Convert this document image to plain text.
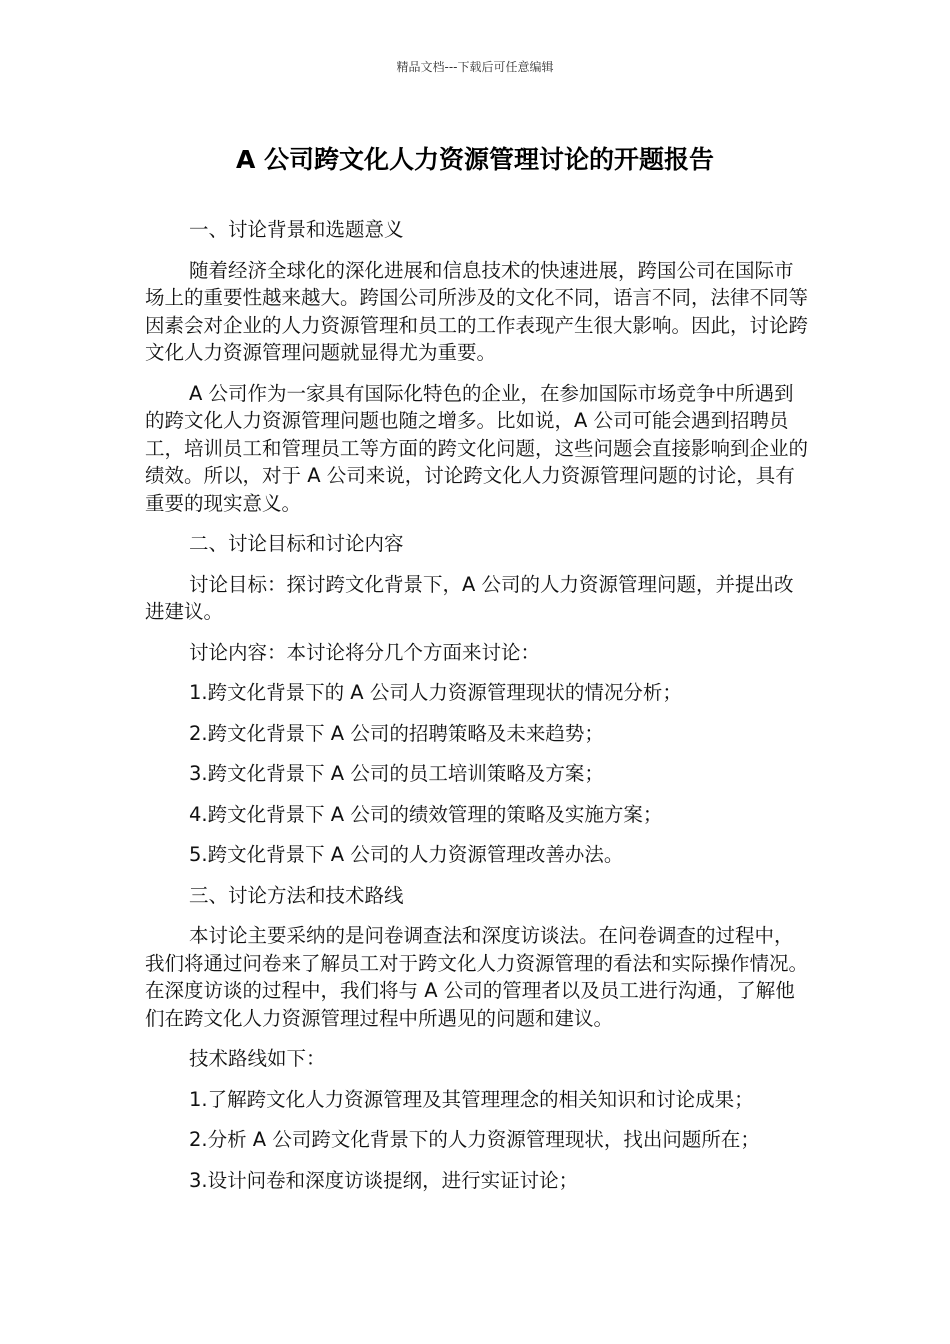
精品文档---下载后可任意编辑
A 公司跨文化人力资源管理讨论的开题报告

一、讨论背景和选题意义

随着经济全球化的深化进展和信息技术的快速进展，跨国公司在国际市场上的重要性越来越大。跨国公司所涉及的文化不同，语言不同，法律不同等因素会对企业的人力资源管理和员工的工作表现产生很大影响。因此，讨论跨文化人力资源管理问题就显得尤为重要。

A 公司作为一家具有国际化特色的企业，在参加国际市场竞争中所遇到的跨文化人力资源管理问题也随之增多。比如说，A 公司可能会遇到招聘员工，培训员工和管理员工等方面的跨文化问题，这些问题会直接影响到企业的绩效。所以，对于 A 公司来说，讨论跨文化人力资源管理问题的讨论，具有重要的现实意义。

二、讨论目标和讨论内容

讨论目标：探讨跨文化背景下，A 公司的人力资源管理问题，并提出改进建议。

讨论内容：本讨论将分几个方面来讨论：

1.跨文化背景下的 A 公司人力资源管理现状的情况分析；

2.跨文化背景下 A 公司的招聘策略及未来趋势；

3.跨文化背景下 A 公司的员工培训策略及方案；

4.跨文化背景下 A 公司的绩效管理的策略及实施方案；

5.跨文化背景下 A 公司的人力资源管理改善办法。

三、讨论方法和技术路线

本讨论主要采纳的是问卷调查法和深度访谈法。在问卷调查的过程中，我们将通过问卷来了解员工对于跨文化人力资源管理的看法和实际操作情况。在深度访谈的过程中，我们将与 A 公司的管理者以及员工进行沟通，了解他们在跨文化人力资源管理过程中所遇见的问题和建议。

技术路线如下：

1.了解跨文化人力资源管理及其管理理念的相关知识和讨论成果；

2.分析 A 公司跨文化背景下的人力资源管理现状，找出问题所在；

3.设计问卷和深度访谈提纲，进行实证讨论；
